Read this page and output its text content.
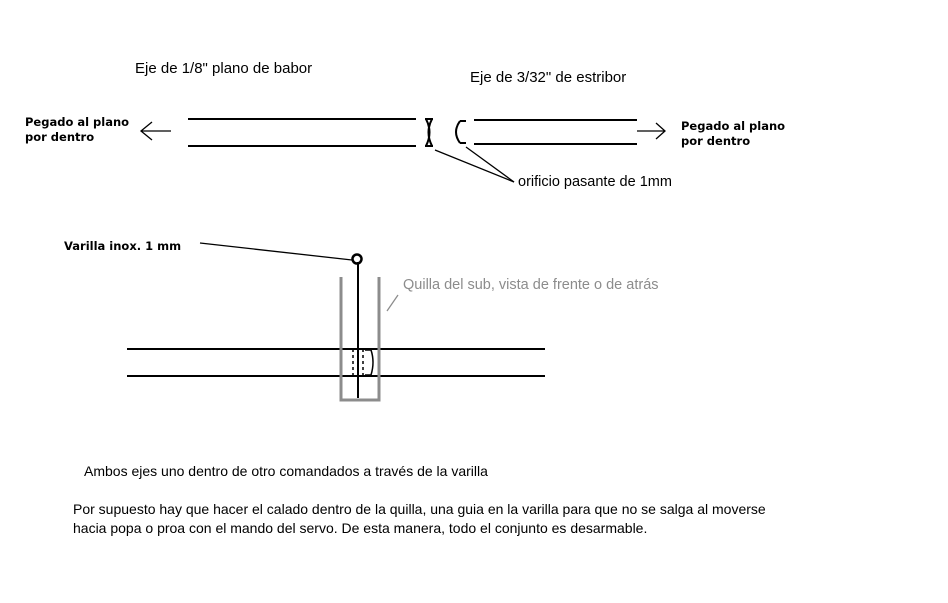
Eje de 1/8" plano de babor
Eje de 3/32" de estribor
Pegado al plano
por dentro
Pegado al plano
por dentro
orificio pasante de 1mm
Varilla inox. 1 mm
Quilla del sub, vista de frente o de atrás
Ambos ejes uno dentro de otro comandados a través de la varilla
Por supuesto hay que hacer el calado dentro de la quilla, una guia en la varilla para que no se salga al moverse
hacia popa o proa con el mando del servo. De esta manera, todo el conjunto es desarmable.
